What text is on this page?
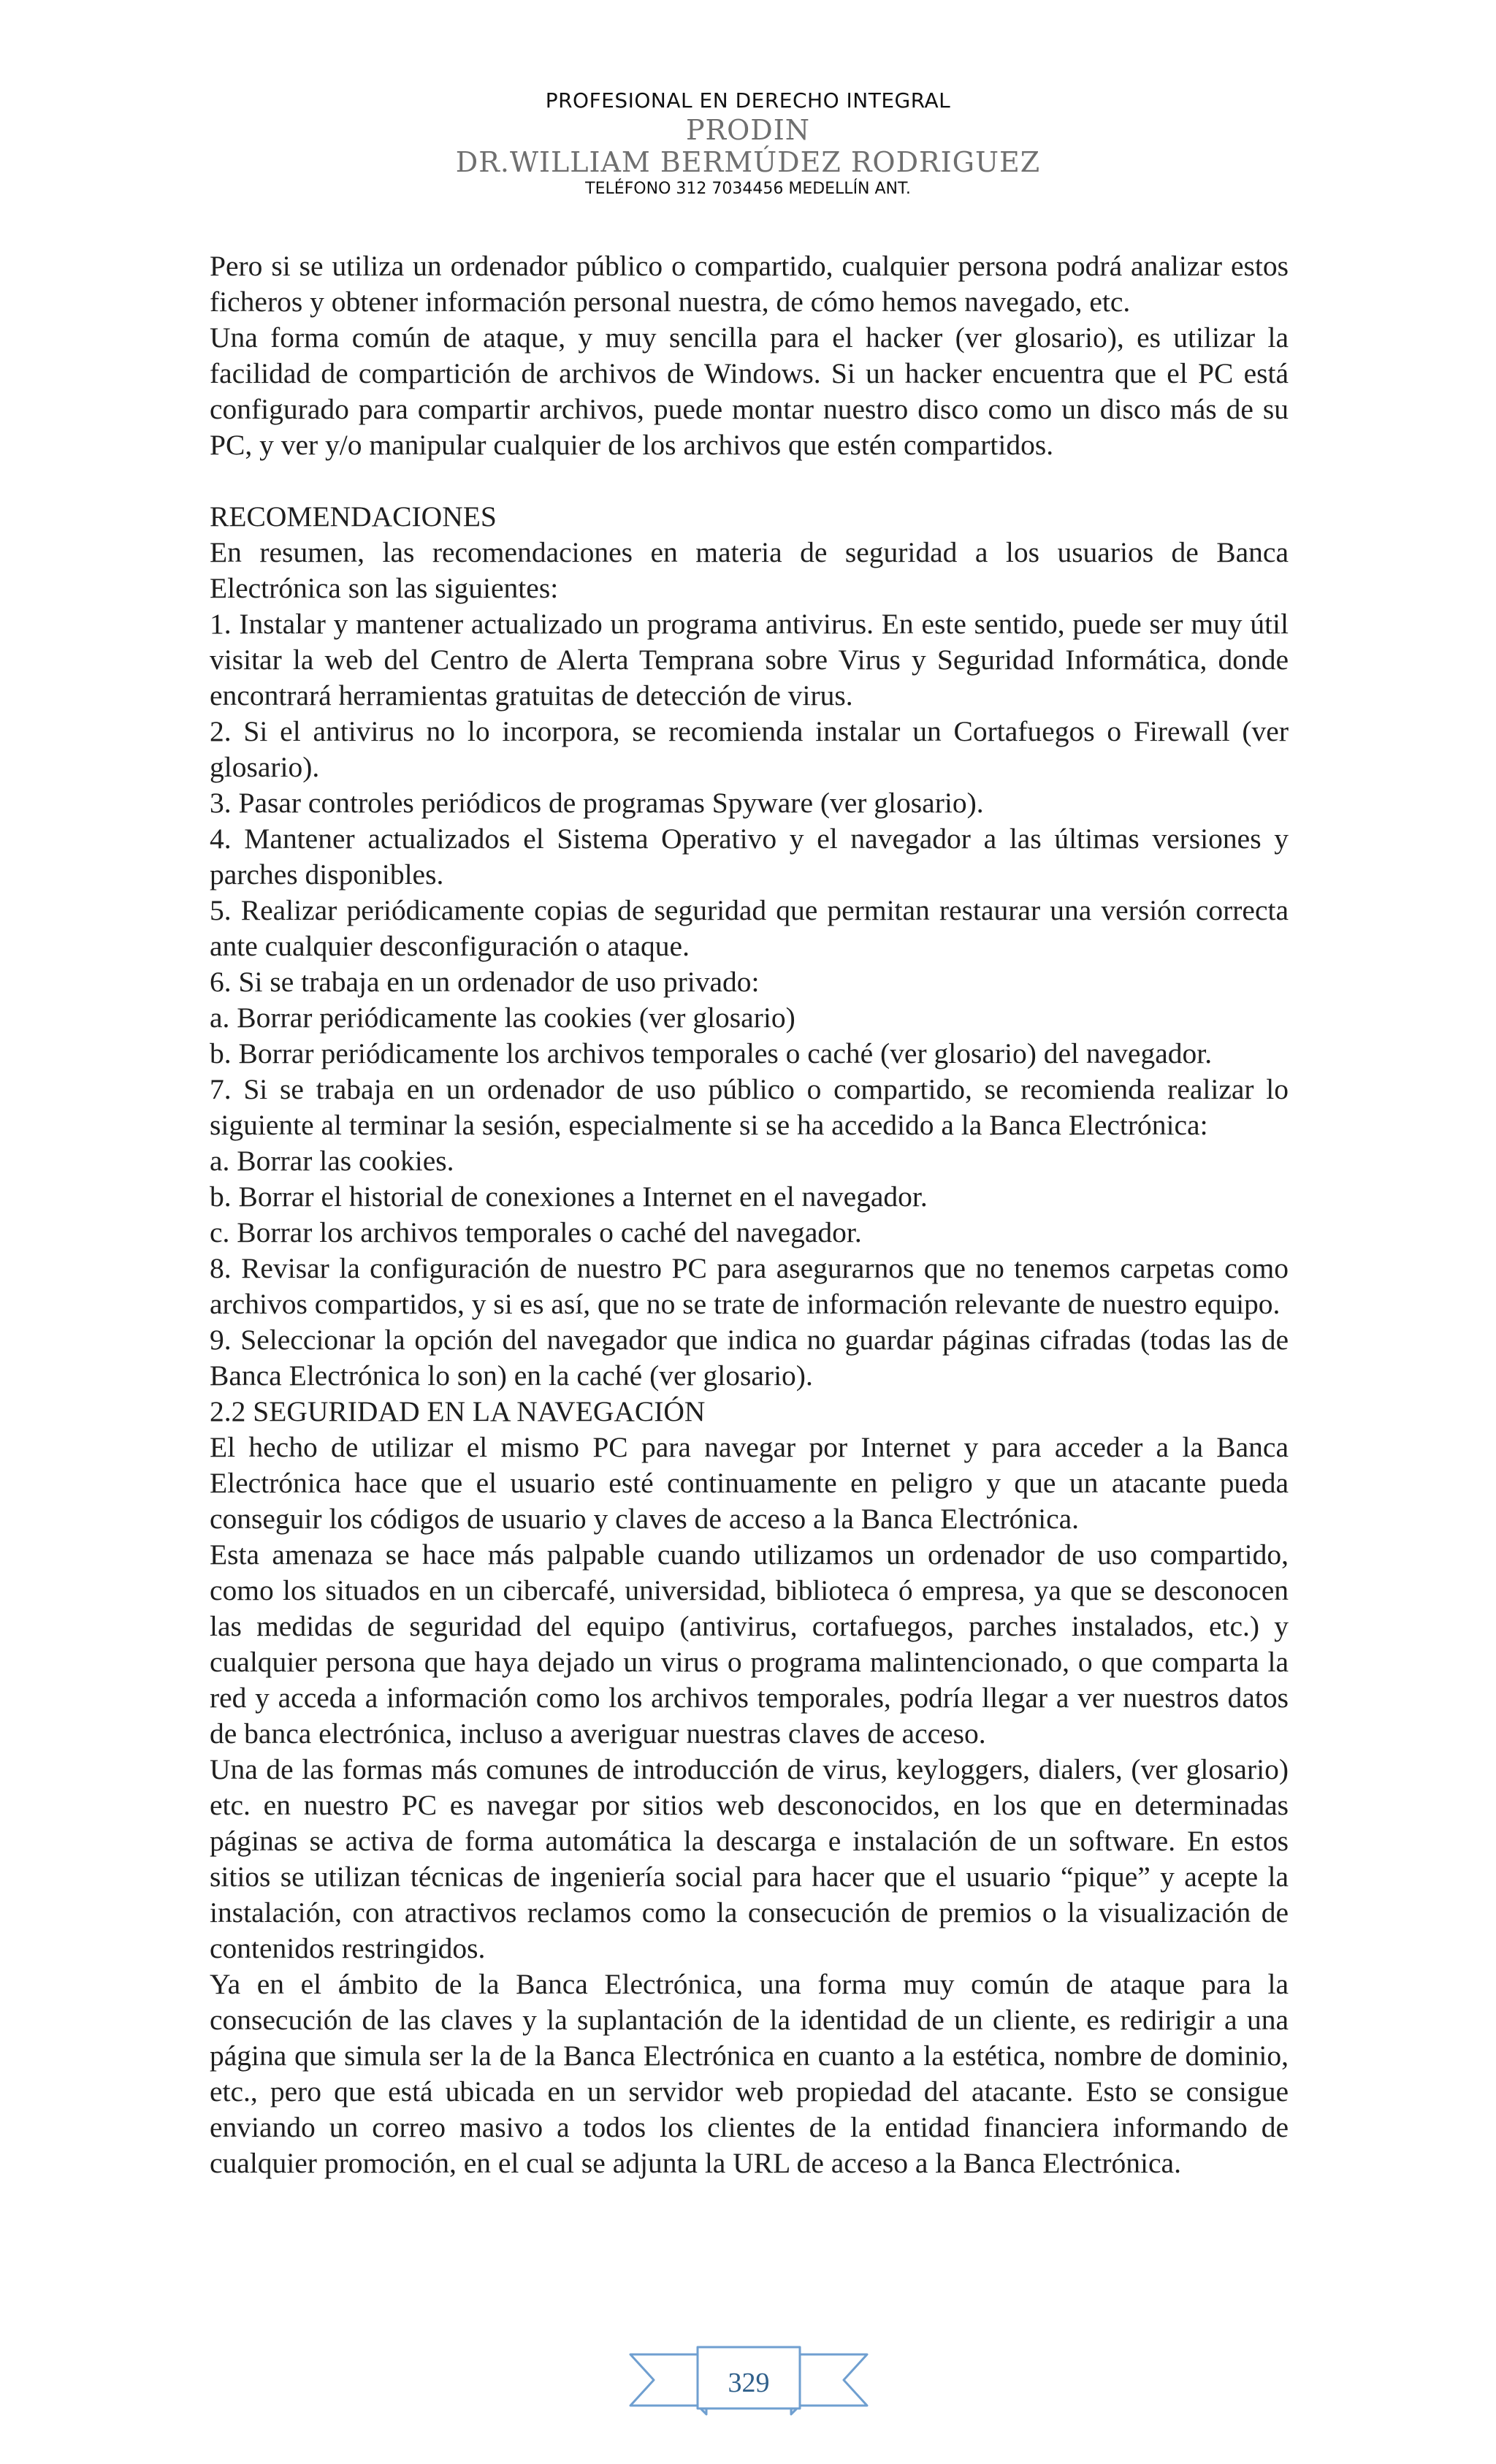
PROFESIONAL EN DERECHO INTEGRAL
PRODIN
DR.WILLIAM BERMÚDEZ RODRIGUEZ
TELÉFONO 312 7034456 MEDELLÍN ANT.

Pero si se utiliza un ordenador público o compartido, cualquier persona podrá analizar estos ficheros y obtener información personal nuestra, de cómo hemos navegado, etc.

Una forma común de ataque, y muy sencilla para el hacker (ver glosario), es utilizar la facilidad de compartición de archivos de Windows. Si un hacker encuentra que el PC está configurado para compartir archivos, puede montar nuestro disco como un disco más de su PC, y ver y/o manipular cualquier de los archivos que estén compartidos.

RECOMENDACIONES

En resumen, las recomendaciones en materia de seguridad a los usuarios de Banca Electrónica son las siguientes:

1. Instalar y mantener actualizado un programa antivirus. En este sentido, puede ser muy útil visitar la web del Centro de Alerta Temprana sobre Virus y Seguridad Informática, donde encontrará herramientas gratuitas de detección de virus.

2. Si el antivirus no lo incorpora, se recomienda instalar un Cortafuegos o Firewall (ver glosario).

3. Pasar controles periódicos de programas Spyware (ver glosario).

4. Mantener actualizados el Sistema Operativo y el navegador a las últimas versiones y parches disponibles.

5. Realizar periódicamente copias de seguridad que permitan restaurar una versión correcta ante cualquier desconfiguración o ataque.

6. Si se trabaja en un ordenador de uso privado:

a. Borrar periódicamente las cookies (ver glosario)

b. Borrar periódicamente los archivos temporales o caché (ver glosario) del navegador.

7. Si se trabaja en un ordenador de uso público o compartido, se recomienda realizar lo siguiente al terminar la sesión, especialmente si se ha accedido a la Banca Electrónica:

a. Borrar las cookies.

b. Borrar el historial de conexiones a Internet en el navegador.

c. Borrar los archivos temporales o caché del navegador.

8. Revisar la configuración de nuestro PC para asegurarnos que no tenemos carpetas como archivos compartidos, y si es así, que no se trate de información relevante de nuestro equipo.

9. Seleccionar la opción del navegador que indica no guardar páginas cifradas (todas las de Banca Electrónica lo son) en la caché (ver glosario).

2.2 SEGURIDAD EN LA NAVEGACIÓN

El hecho de utilizar el mismo PC para navegar por Internet y para acceder a la Banca Electrónica hace que el usuario esté continuamente en peligro y que un atacante pueda conseguir los códigos de usuario y claves de acceso a la Banca Electrónica.

Esta amenaza se hace más palpable cuando utilizamos un ordenador de uso compartido, como los situados en un cibercafé, universidad, biblioteca ó empresa, ya que se desconocen las medidas de seguridad del equipo (antivirus, cortafuegos, parches instalados, etc.) y cualquier persona que haya dejado un virus o programa malintencionado, o que comparta la red y acceda a información como los archivos temporales, podría llegar a ver nuestros datos de banca electrónica, incluso a averiguar nuestras claves de acceso.

Una de las formas más comunes de introducción de virus, keyloggers, dialers, (ver glosario) etc. en nuestro PC es navegar por sitios web desconocidos, en los que en determinadas páginas se activa de forma automática la descarga e instalación de un software. En estos sitios se utilizan técnicas de ingeniería social para hacer que el usuario “pique” y acepte la instalación, con atractivos reclamos como la consecución de premios o la visualización de contenidos restringidos.

Ya en el ámbito de la Banca Electrónica, una forma muy común de ataque para la consecución de las claves y la suplantación de la identidad de un cliente, es redirigir a una página que simula ser la de la Banca Electrónica en cuanto a la estética, nombre de dominio, etc., pero que está ubicada en un servidor web propiedad del atacante. Esto se consigue enviando un correo masivo a todos los clientes de la entidad financiera informando de cualquier promoción, en el cual se adjunta la URL de acceso a la Banca Electrónica.

329
